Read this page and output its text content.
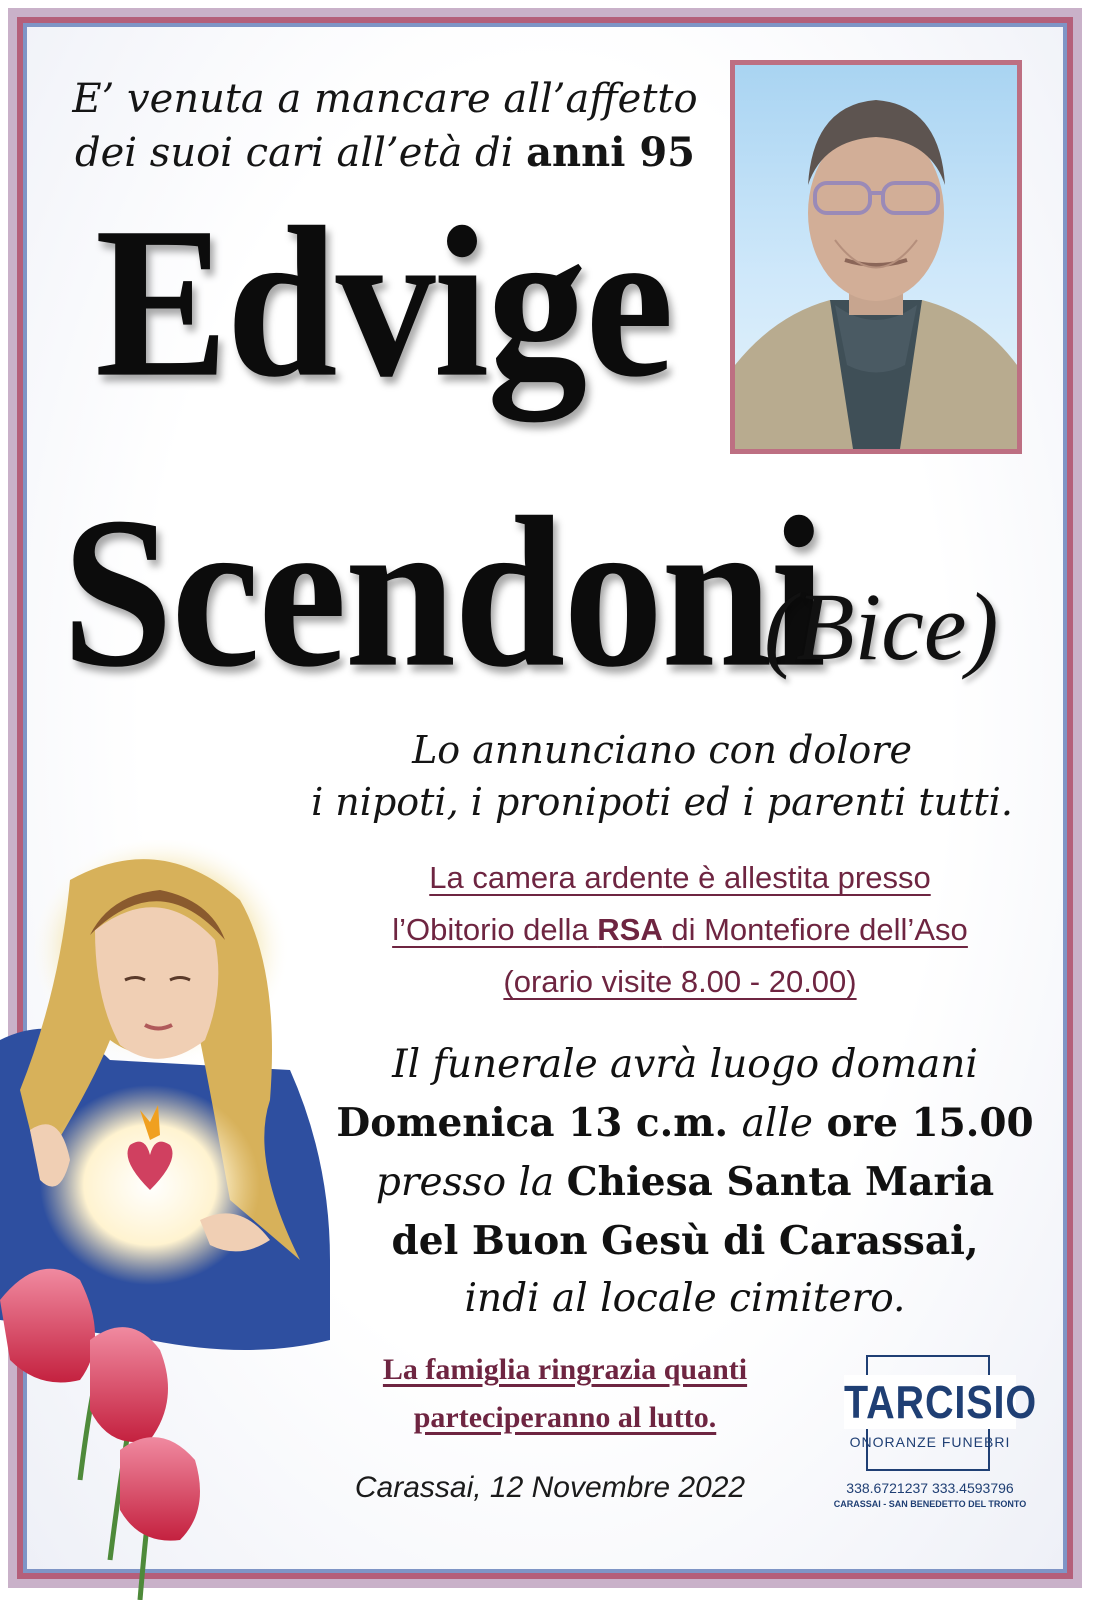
E’ venuta a mancare all’affetto
dei suoi cari all’età di anni 95
Edvige
Scendoni
(Bice)
Lo annunciano con dolore
i nipoti, i pronipoti ed i parenti tutti.
La camera ardente è allestita presso
l’Obitorio della RSA di Montefiore dell’Aso
(orario visite 8.00 - 20.00)
Il funerale avrà luogo domani
Domenica 13 c.m. alle ore 15.00
presso la Chiesa Santa Maria
del Buon Gesù di Carassai,
indi al locale cimitero.
La famiglia ringrazia quanti
parteciperanno al lutto.
Carassai, 12 Novembre 2022
TARCISIO
ONORANZE FUNEBRI
338.6721237 333.4593796
CARASSAI - SAN BENEDETTO DEL TRONTO
